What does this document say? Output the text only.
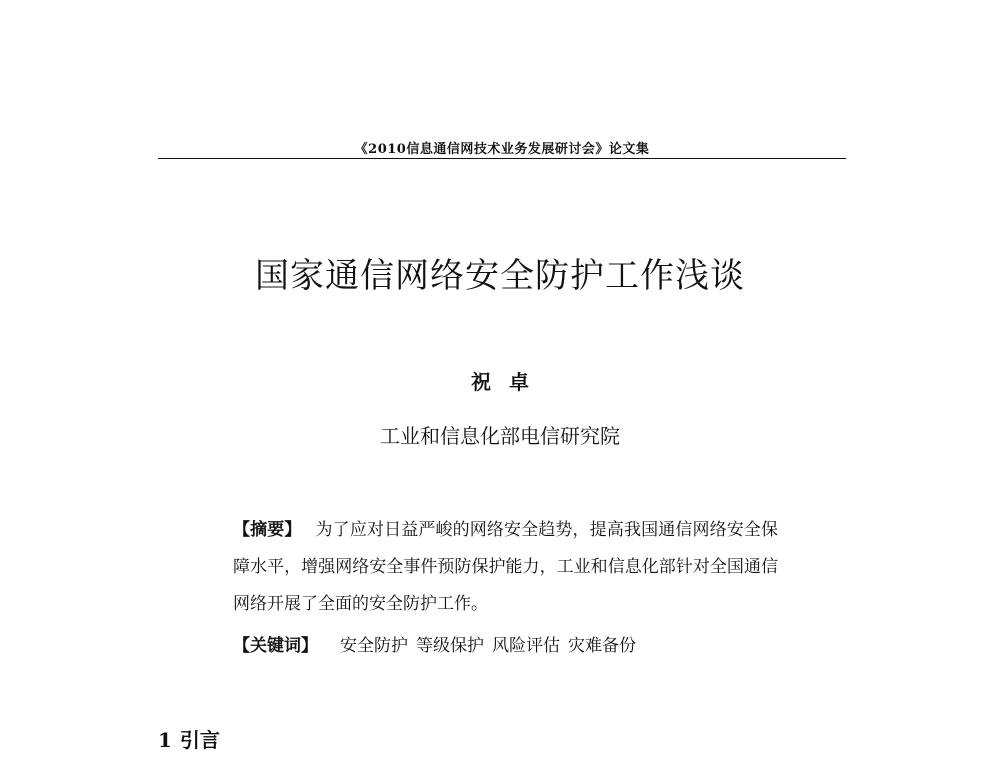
《2010信息通信网技术业务发展研讨会》论文集
国家通信网络安全防护工作浅谈
祝卓
工业和信息化部电信研究院
【摘要】 为了应对日益严峻的网络安全趋势，提高我国通信网络安全保障水平，增强网络安全事件预防保护能力，工业和信息化部针对全国通信网络开展了全面的安全防护工作。
【关键词】 安全防护 等级保护 风险评估 灾难备份
1 引言
